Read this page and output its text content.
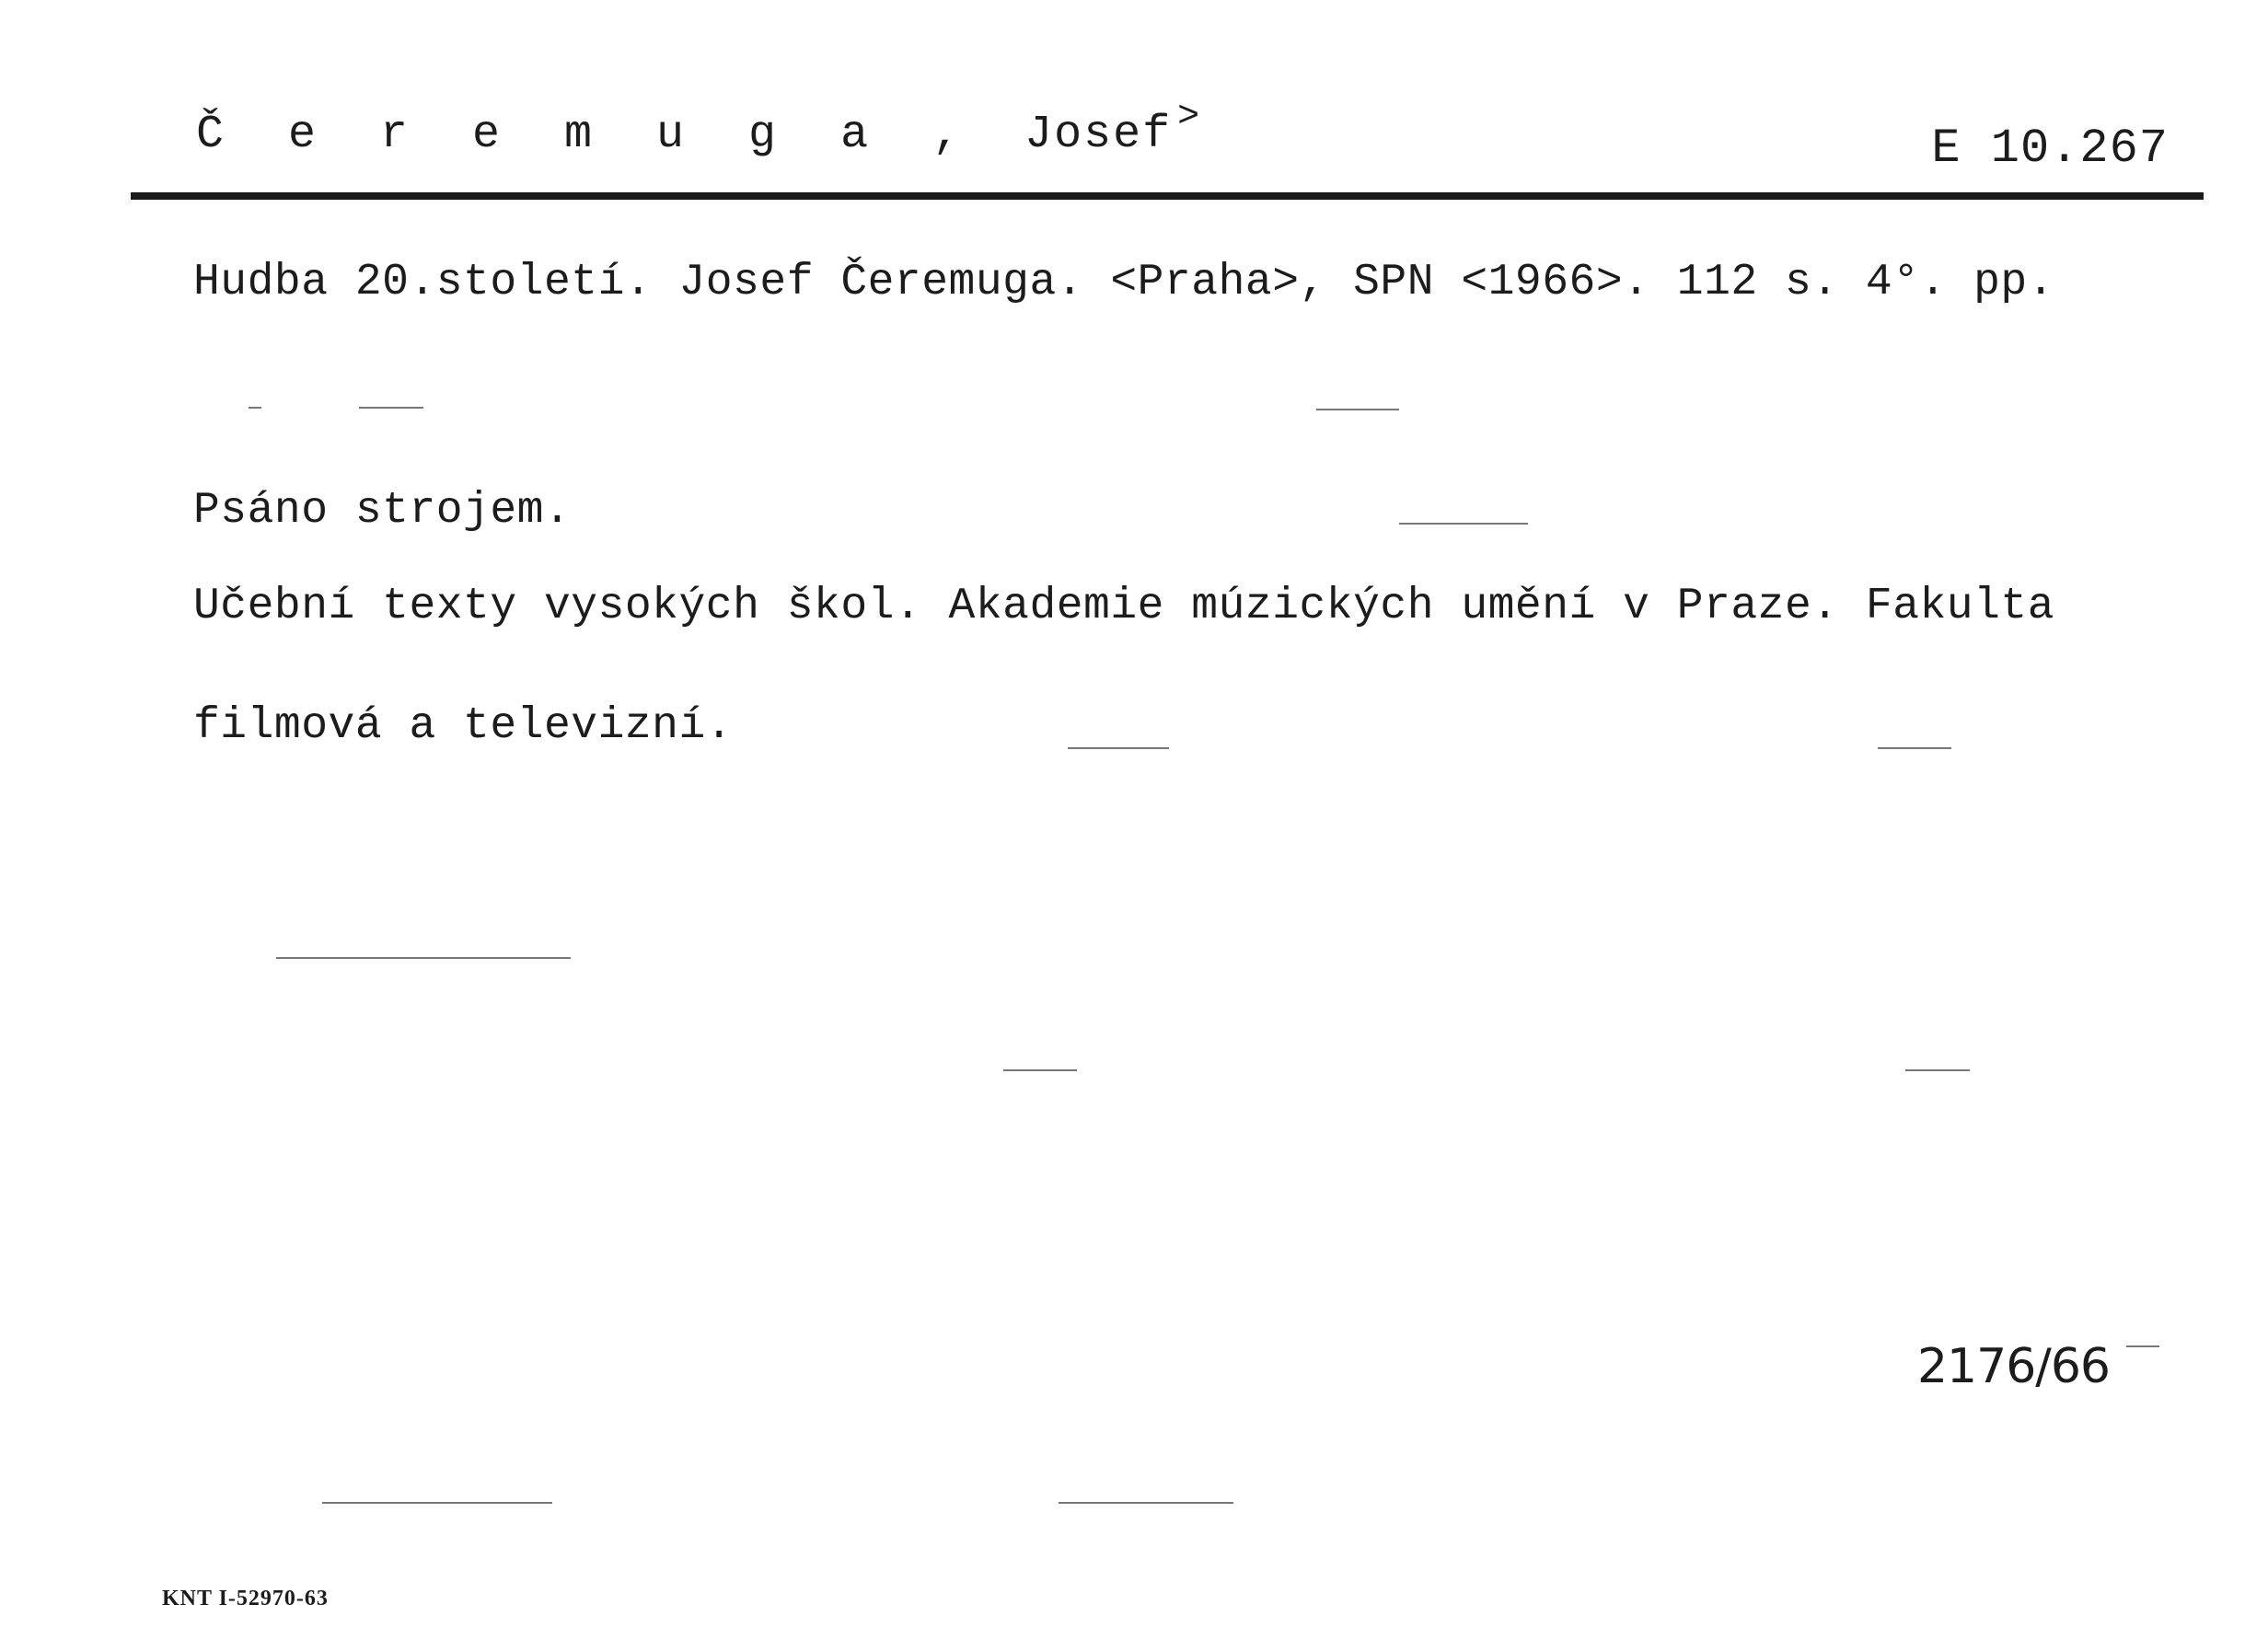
Č e r e m u g a , Josef >
E 10.267
Hudba 20.století. Josef Čeremuga. <Praha>, SPN <1966>. 112 s. 4°. pp.
Psáno strojem.
Učební texty vysokých škol. Akademie múzických umění v Praze. Fakulta
filmová a televizní.
2176/66
KNT I-52970-63
